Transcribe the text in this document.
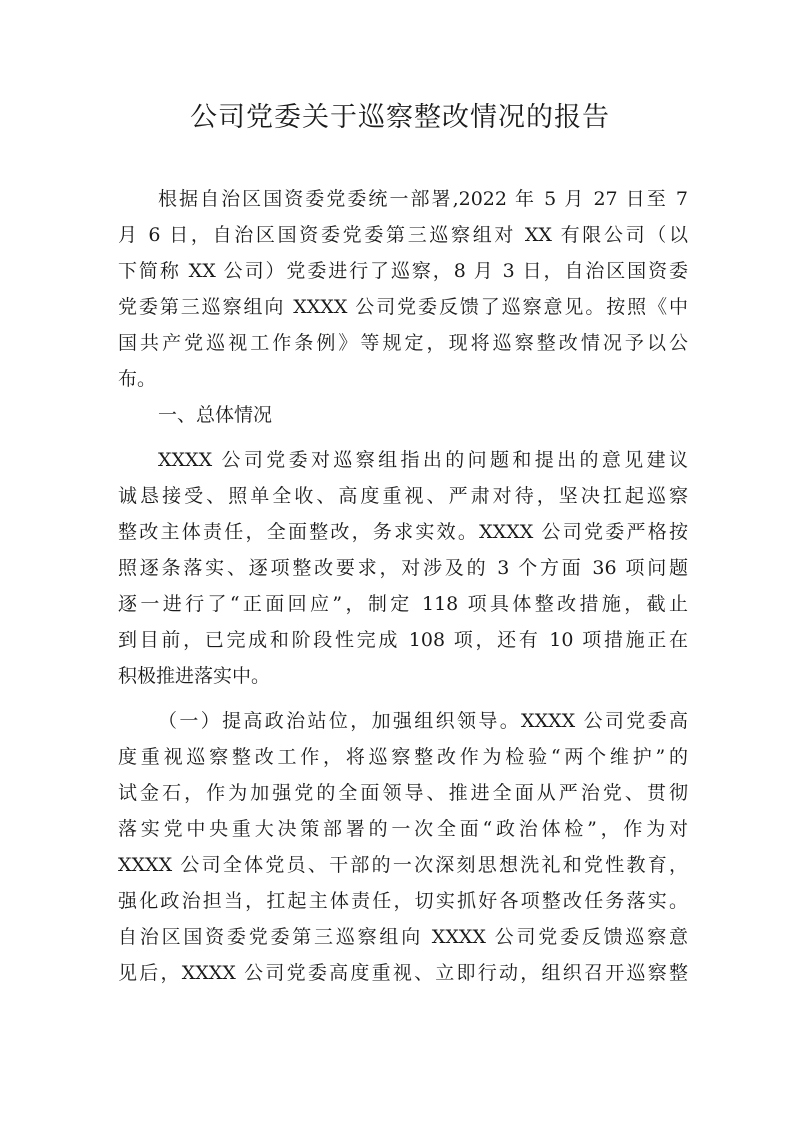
公司党委关于巡察整改情况的报告
根据自治区国资委党委统一部署,2022 年 5 月 27 日至 7
月 6 日，自治区国资委党委第三巡察组对 XX 有限公司（以
下简称 XX 公司）党委进行了巡察，8 月 3 日，自治区国资委
党委第三巡察组向 XXXX 公司党委反馈了巡察意见。按照《中
国共产党巡视工作条例》等规定，现将巡察整改情况予以公
布。
一、总体情况
XXXX 公司党委对巡察组指出的问题和提出的意见建议
诚恳接受、照单全收、高度重视、严肃对待，坚决扛起巡察
整改主体责任，全面整改，务求实效。XXXX 公司党委严格按
照逐条落实、逐项整改要求，对涉及的 3 个方面 36 项问题
逐一进行了“正面回应”，制定 118 项具体整改措施，截止
到目前，已完成和阶段性完成 108 项，还有 10 项措施正在
积极推进落实中。
（一）提高政治站位，加强组织领导。XXXX 公司党委高
度重视巡察整改工作，将巡察整改作为检验“两个维护”的
试金石，作为加强党的全面领导、推进全面从严治党、贯彻
落实党中央重大决策部署的一次全面“政治体检”，作为对
XXXX 公司全体党员、干部的一次深刻思想洗礼和党性教育，
强化政治担当，扛起主体责任，切实抓好各项整改任务落实。
自治区国资委党委第三巡察组向 XXXX 公司党委反馈巡察意
见后，XXXX 公司党委高度重视、立即行动，组织召开巡察整
